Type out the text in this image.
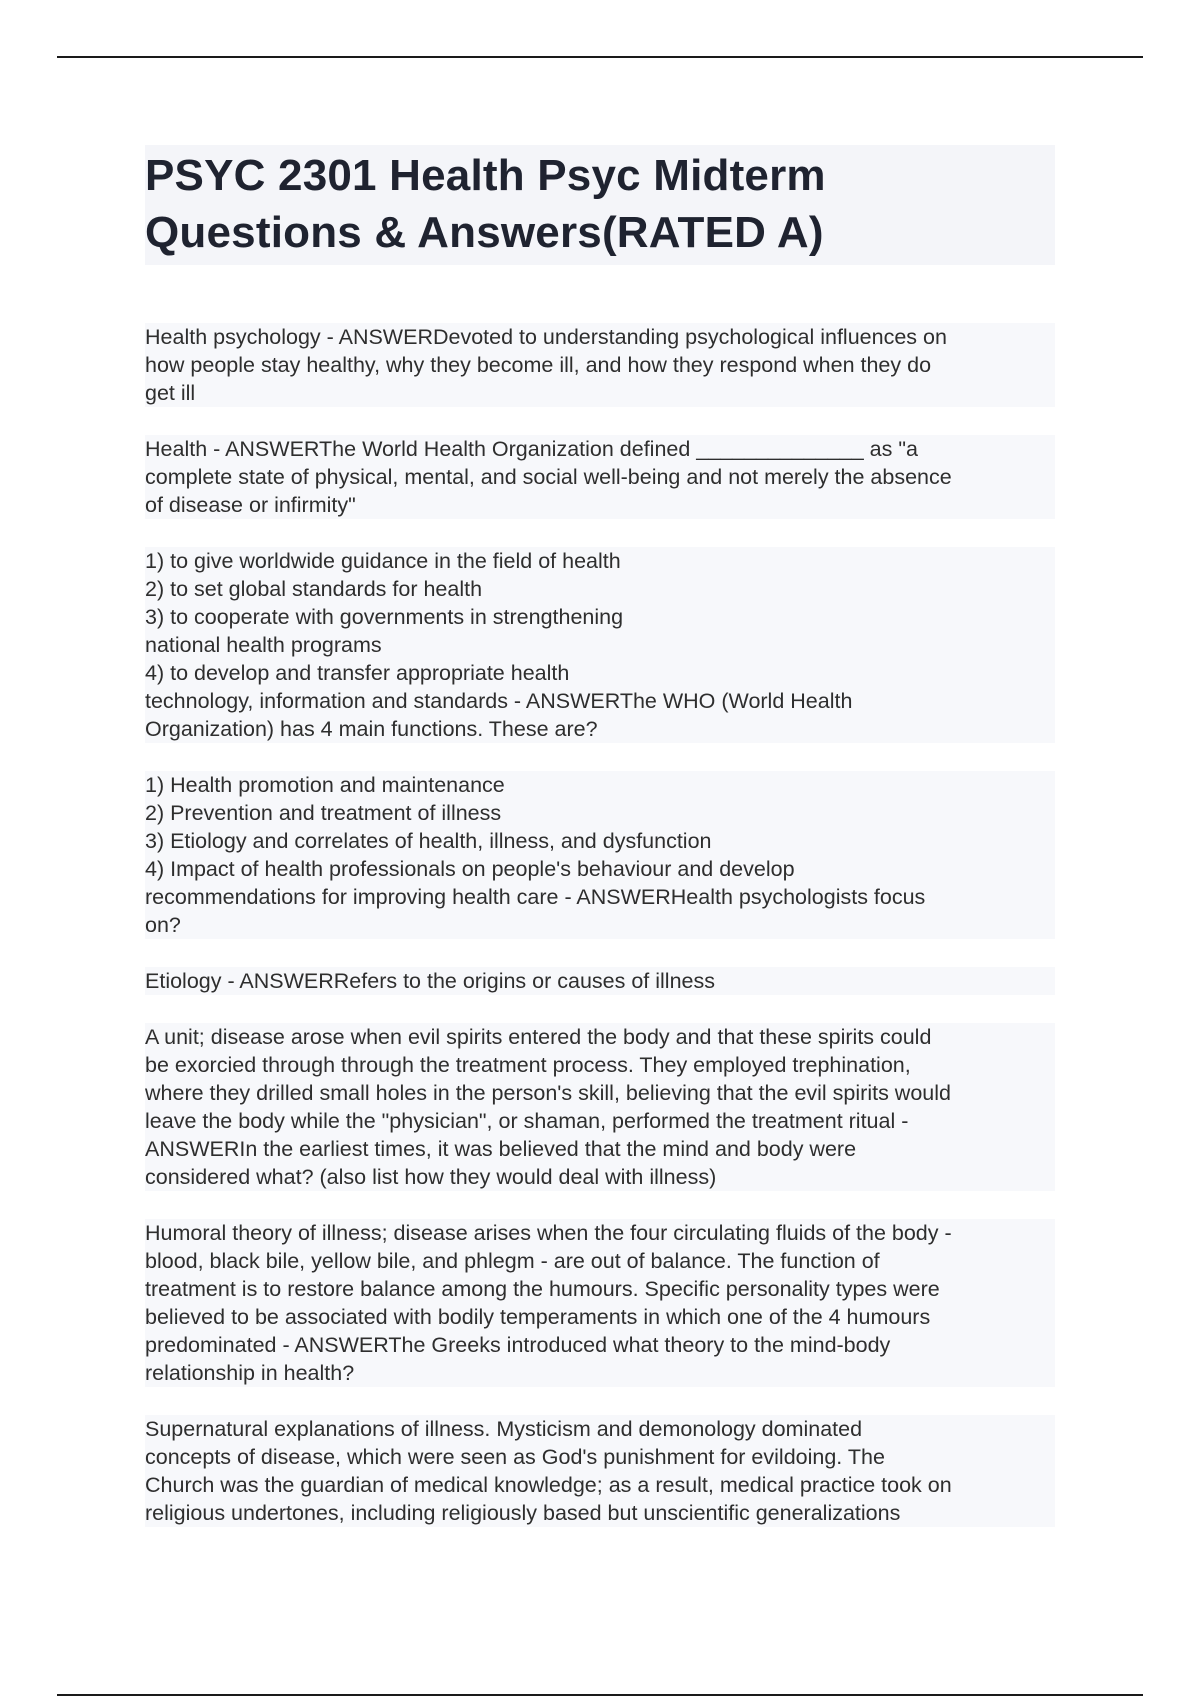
PSYC 2301 Health Psyc Midterm
Questions & Answers(RATED A)
Health psychology - ANSWERDevoted to understanding psychological influences on
how people stay healthy, why they become ill, and how they respond when they do
get ill
Health - ANSWERThe World Health Organization defined ______________ as "a
complete state of physical, mental, and social well-being and not merely the absence
of disease or infirmity"
1) to give worldwide guidance in the field of health
2) to set global standards for health
3) to cooperate with governments in strengthening
national health programs
4) to develop and transfer appropriate health
technology, information and standards - ANSWERThe WHO (World Health
Organization) has 4 main functions. These are?
1) Health promotion and maintenance
2) Prevention and treatment of illness
3) Etiology and correlates of health, illness, and dysfunction
4) Impact of health professionals on people's behaviour and develop
recommendations for improving health care - ANSWERHealth psychologists focus
on?
Etiology - ANSWERRefers to the origins or causes of illness
A unit; disease arose when evil spirits entered the body and that these spirits could
be exorcied through through the treatment process. They employed trephination,
where they drilled small holes in the person's skill, believing that the evil spirits would
leave the body while the "physician", or shaman, performed the treatment ritual -
ANSWERIn the earliest times, it was believed that the mind and body were
considered what? (also list how they would deal with illness)
Humoral theory of illness; disease arises when the four circulating fluids of the body -
blood, black bile, yellow bile, and phlegm - are out of balance. The function of
treatment is to restore balance among the humours. Specific personality types were
believed to be associated with bodily temperaments in which one of the 4 humours
predominated - ANSWERThe Greeks introduced what theory to the mind-body
relationship in health?
Supernatural explanations of illness. Mysticism and demonology dominated
concepts of disease, which were seen as God's punishment for evildoing. The
Church was the guardian of medical knowledge; as a result, medical practice took on
religious undertones, including religiously based but unscientific generalizations
